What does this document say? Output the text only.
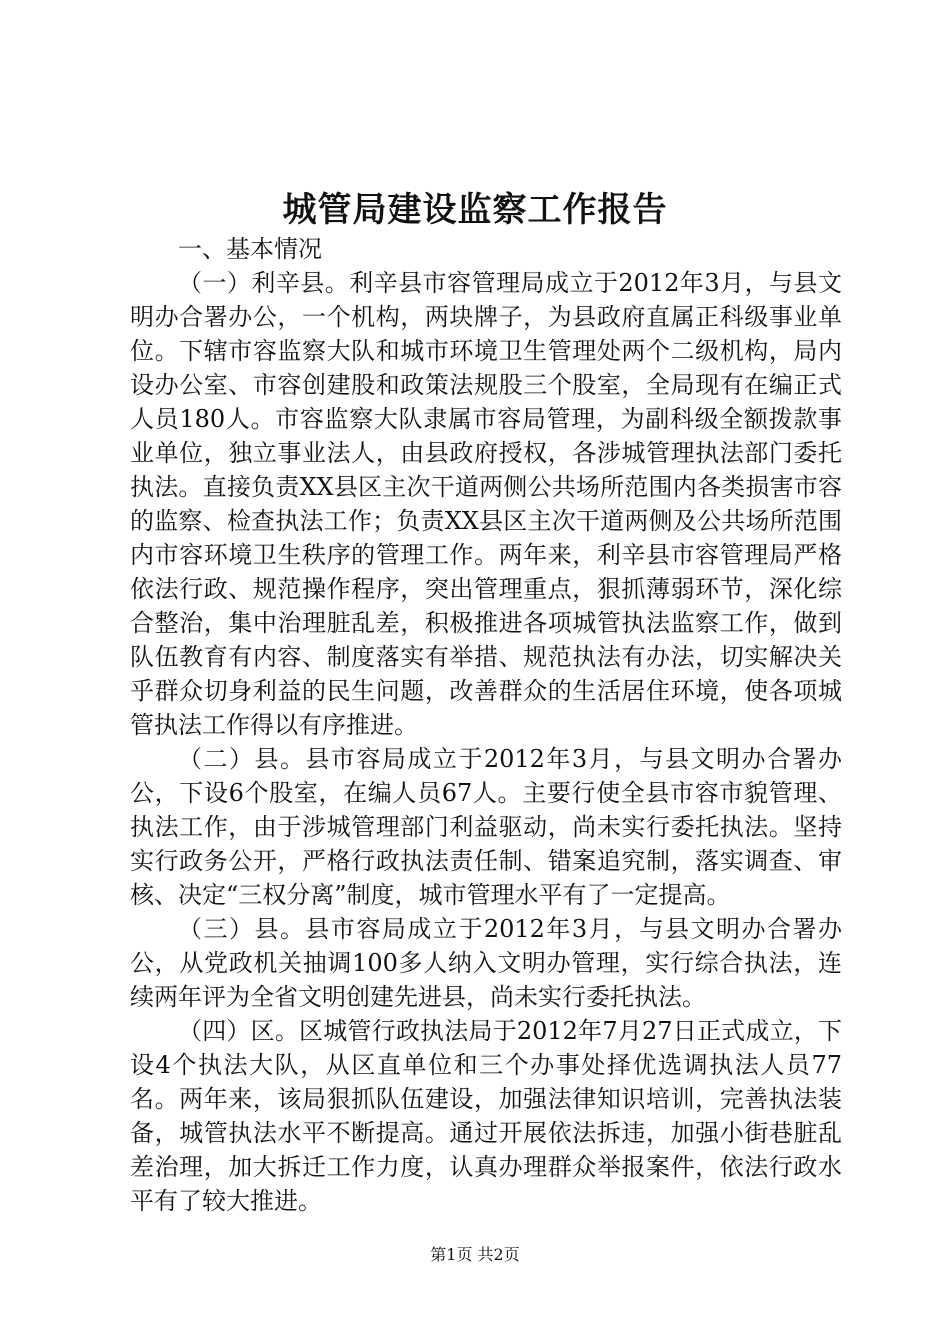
城管局建设监察工作报告

一、基本情况

（一）利辛县。利辛县市容管理局成立于2012年3月，与县文明办合署办公，一个机构，两块牌子，为县政府直属正科级事业单位。下辖市容监察大队和城市环境卫生管理处两个二级机构，局内设办公室、市容创建股和政策法规股三个股室，全局现有在编正式人员180人。市容监察大队隶属市容局管理，为副科级全额拨款事业单位，独立事业法人，由县政府授权，各涉城管理执法部门委托执法。直接负责XX县区主次干道两侧公共场所范围内各类损害市容的监察、检查执法工作；负责XX县区主次干道两侧及公共场所范围内市容环境卫生秩序的管理工作。两年来，利辛县市容管理局严格依法行政、规范操作程序，突出管理重点，狠抓薄弱环节，深化综合整治，集中治理脏乱差，积极推进各项城管执法监察工作，做到队伍教育有内容、制度落实有举措、规范执法有办法，切实解决关乎群众切身利益的民生问题，改善群众的生活居住环境，使各项城管执法工作得以有序推进。

（二）县。县市容局成立于2012年3月，与县文明办合署办公，下设6个股室，在编人员67人。主要行使全县市容市貌管理、执法工作，由于涉城管理部门利益驱动，尚未实行委托执法。坚持实行政务公开，严格行政执法责任制、错案追究制，落实调查、审核、决定“三权分离”制度，城市管理水平有了一定提高。

（三）县。县市容局成立于2012年3月，与县文明办合署办公，从党政机关抽调100多人纳入文明办管理，实行综合执法，连续两年评为全省文明创建先进县，尚未实行委托执法。

（四）区。区城管行政执法局于2012年7月27日正式成立，下设4个执法大队，从区直单位和三个办事处择优选调执法人员77名。两年来，该局狠抓队伍建设，加强法律知识培训，完善执法装备，城管执法水平不断提高。通过开展依法拆违，加强小街巷脏乱差治理，加大拆迁工作力度，认真办理群众举报案件，依法行政水平有了较大推进。

第1页 共2页
